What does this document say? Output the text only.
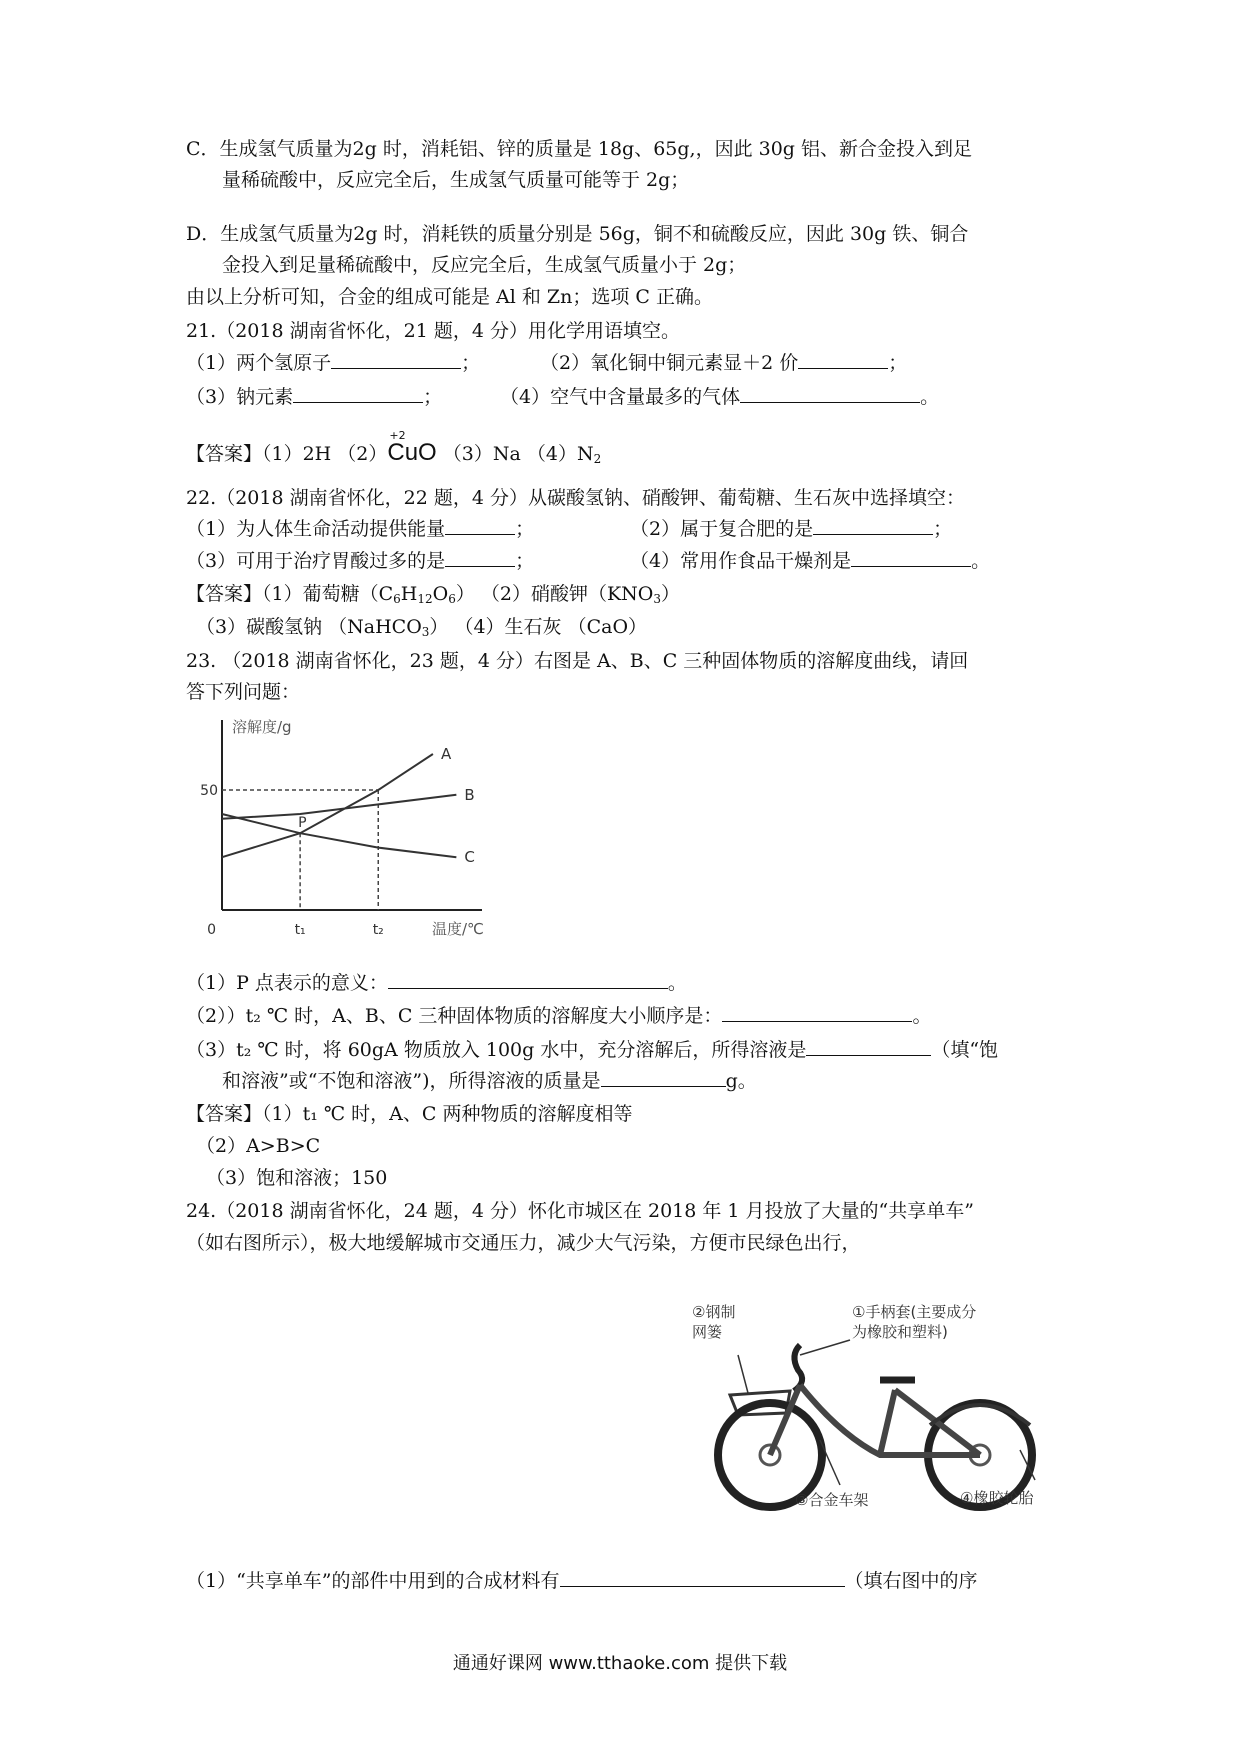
C．生成氢气质量为2g 时，消耗铝、锌的质量是 18g、65g,，因此 30g 铝、新合金投入到足
量稀硫酸中，反应完全后，生成氢气质量可能等于 2g；
D．生成氢气质量为2g 时，消耗铁的质量分别是 56g，铜不和硫酸反应，因此 30g 铁、铜合
金投入到足量稀硫酸中，反应完全后，生成氢气质量小于 2g；
由以上分析可知，合金的组成可能是 Al 和 Zn；选项 C 正确。
21.（2018 湖南省怀化，21 题，4 分）用化学用语填空。
（1）两个氢原子	；	（2）氧化铜中铜元素显＋2 价	；
（3）钠元素	；	（4）空气中含量最多的气体	。
【答案】（1）2H （2）
+2
CuO （3）Na $(4)N_2$
22.（2018 湖南省怀化，22 题，4 分）从碳酸氢钠、硝酸钾、葡萄糖、生石灰中选择填空：
（1）为人体生命活动提供能量	；	（2）属于复合肥的是	；
（3）可用于治疗胃酸过多的是	；	（4）常用作食品干燥剂是	。
【答案】（1）葡萄糖$(C_6H_{12}O_6)$ （2）硝酸钾$(KNO_3)$
（3）碳酸氢钠 （NaHCO$_3$） （4）生石灰 （CaO）
23. （2018 湖南省怀化，23 题，4 分）右图是 A、B、C 三种固体物质的溶解度曲线，请回
答下列问题：
溶解度/g
温度/℃
0	t₁	t₂
50
A
B
C
P
（1）P 点表示的意义：	。
（2））t₂ ℃ 时，A、B、C 三种固体物质的溶解度大小顺序是：	。
（3）t₂ ℃ 时，将 60gA 物质放入 100g 水中，充分溶解后，所得溶液是	（填“饱
和溶液”或“不饱和溶液”)，所得溶液的质量是	g。
【答案】（1）t₁ ℃ 时，A、C 两种物质的溶解度相等
（2）A>B>C
（3）饱和溶液；150
24.（2018 湖南省怀化，24 题，4 分）怀化市城区在 2018 年 1 月投放了大量的“共享单车”
（如右图所示），极大地缓解城市交通压力，减少大气污染，方便市民绿色出行，
①手柄套(主要成分
为橡胶和塑料)
②钢制
网篓
③合金车架	④橡胶轮胎
（1）“共享单车”的部件中用到的合成材料有	（填右图中的序
通通好课网 www.tthaoke.com 提供下载
